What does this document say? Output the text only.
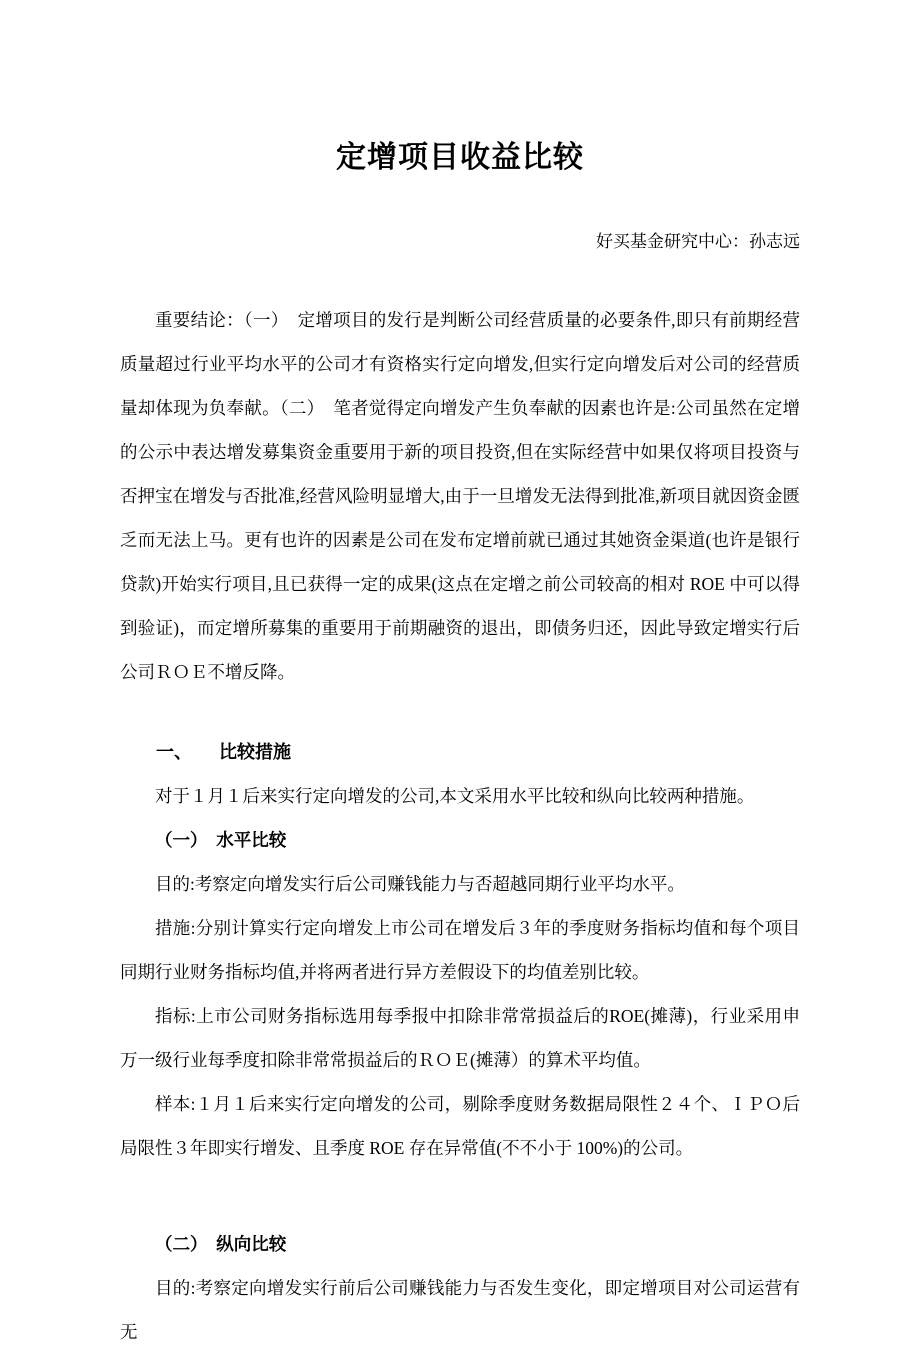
定增项目收益比较
好买基金研究中心：孙志远

重要结论：（一）　定增项目的发行是判断公司经营质量的必要条件,即只有前期经营质量超过行业平均水平的公司才有资格实行定向增发,但实行定向增发后对公司的经营质量却体现为负奉献。（二）　笔者觉得定向增发产生负奉献的因素也许是:公司虽然在定增的公示中表达增发募集资金重要用于新的项目投资,但在实际经营中如果仅将项目投资与否押宝在增发与否批准,经营风险明显增大,由于一旦增发无法得到批准,新项目就因资金匮乏而无法上马。更有也许的因素是公司在发布定增前就已通过其她资金渠道(也许是银行贷款)开始实行项目,且已获得一定的成果(这点在定增之前公司较高的相对 ROE 中可以得到验证)，而定增所募集的重要用于前期融资的退出，即债务归还，因此导致定增实行后公司ＲＯＥ不增反降。

一、　　比较措施

对于１月１后来实行定向增发的公司,本文采用水平比较和纵向比较两种措施。

（一）　水平比较

目的:考察定向增发实行后公司赚钱能力与否超越同期行业平均水平。

措施:分别计算实行定向增发上市公司在增发后３年的季度财务指标均值和每个项目同期行业财务指标均值,并将两者进行异方差假设下的均值差别比较。

指标:上市公司财务指标选用每季报中扣除非常常损益后的ROE(摊薄)，行业采用申万一级行业每季度扣除非常常损益后的ＲＯＥ(摊薄）的算术平均值。

样本:１月１后来实行定向增发的公司，剔除季度财务数据局限性２４个、ＩＰＯ后局限性３年即实行增发、且季度 ROE 存在异常值(不不小于 100%)的公司。

（二）　纵向比较

目的:考察定向增发实行前后公司赚钱能力与否发生变化，即定增项目对公司运营有无
